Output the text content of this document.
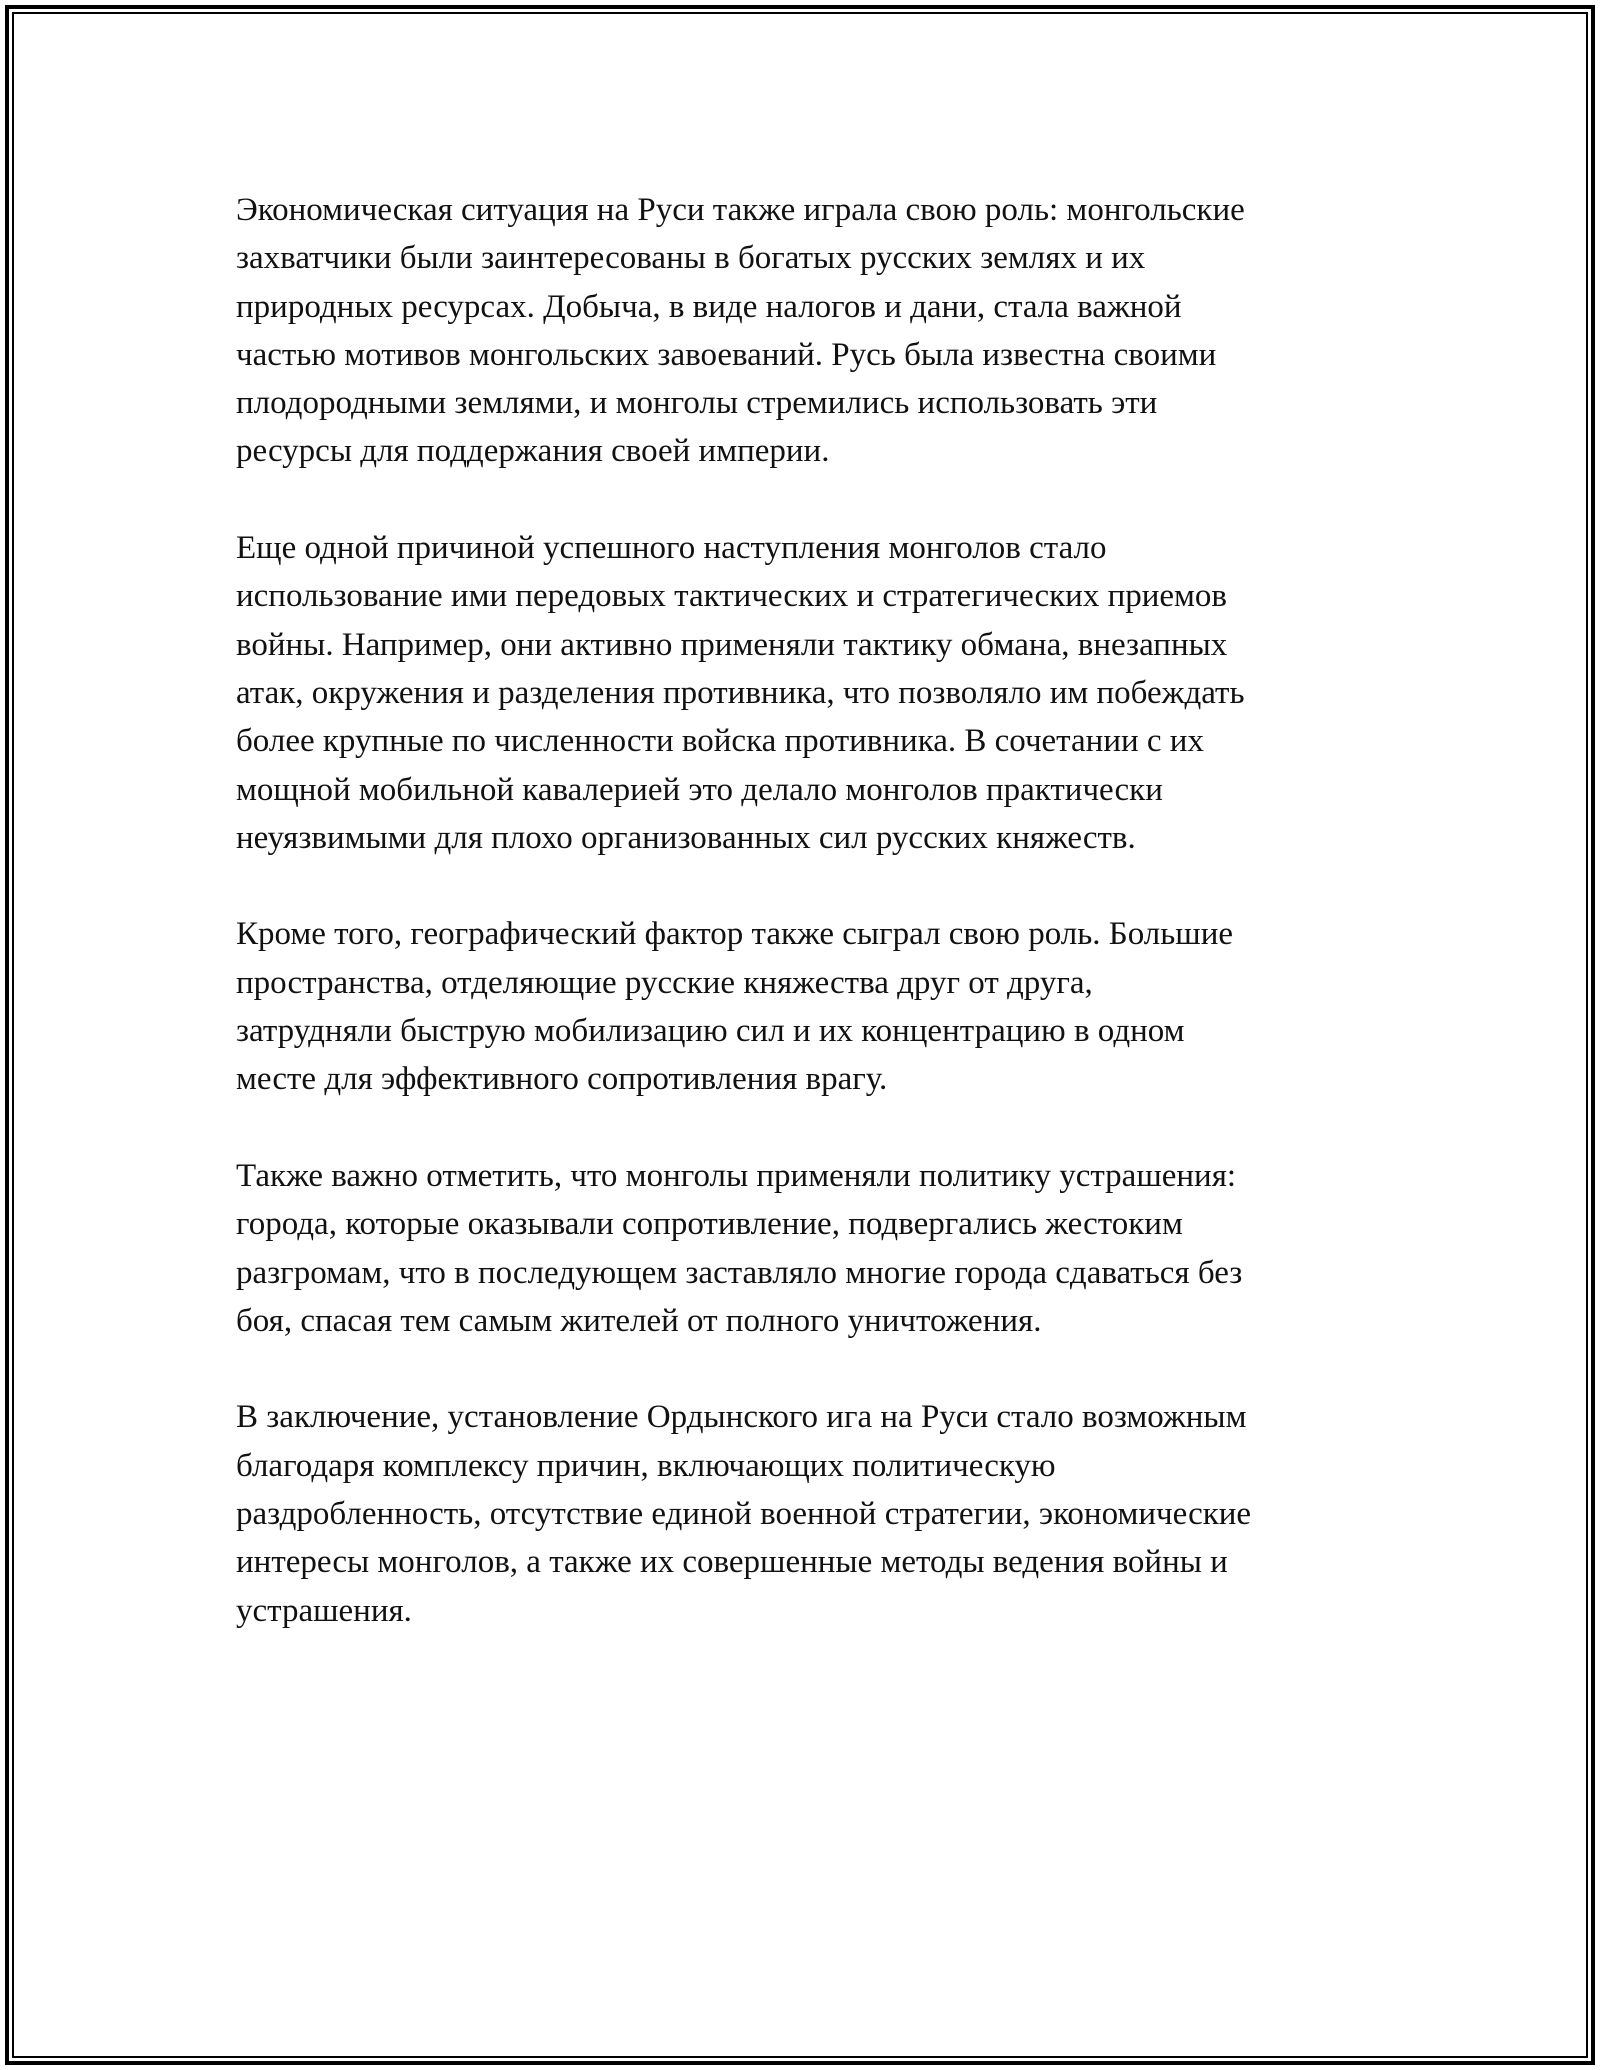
Экономическая ситуация на Руси также играла свою роль: монгольские
захватчики были заинтересованы в богатых русских землях и их
природных ресурсах. Добыча, в виде налогов и дани, стала важной
частью мотивов монгольских завоеваний. Русь была известна своими
плодородными землями, и монголы стремились использовать эти
ресурсы для поддержания своей империи.

Еще одной причиной успешного наступления монголов стало
использование ими передовых тактических и стратегических приемов
войны. Например, они активно применяли тактику обмана, внезапных
атак, окружения и разделения противника, что позволяло им побеждать
более крупные по численности войска противника. В сочетании с их
мощной мобильной кавалерией это делало монголов практически
неуязвимыми для плохо организованных сил русских княжеств.

Кроме того, географический фактор также сыграл свою роль. Большие
пространства, отделяющие русские княжества друг от друга,
затрудняли быструю мобилизацию сил и их концентрацию в одном
месте для эффективного сопротивления врагу.

Также важно отметить, что монголы применяли политику устрашения:
города, которые оказывали сопротивление, подвергались жестоким
разгромам, что в последующем заставляло многие города сдаваться без
боя, спасая тем самым жителей от полного уничтожения.

В заключение, установление Ордынского ига на Руси стало возможным
благодаря комплексу причин, включающих политическую
раздробленность, отсутствие единой военной стратегии, экономические
интересы монголов, а также их совершенные методы ведения войны и
устрашения.
